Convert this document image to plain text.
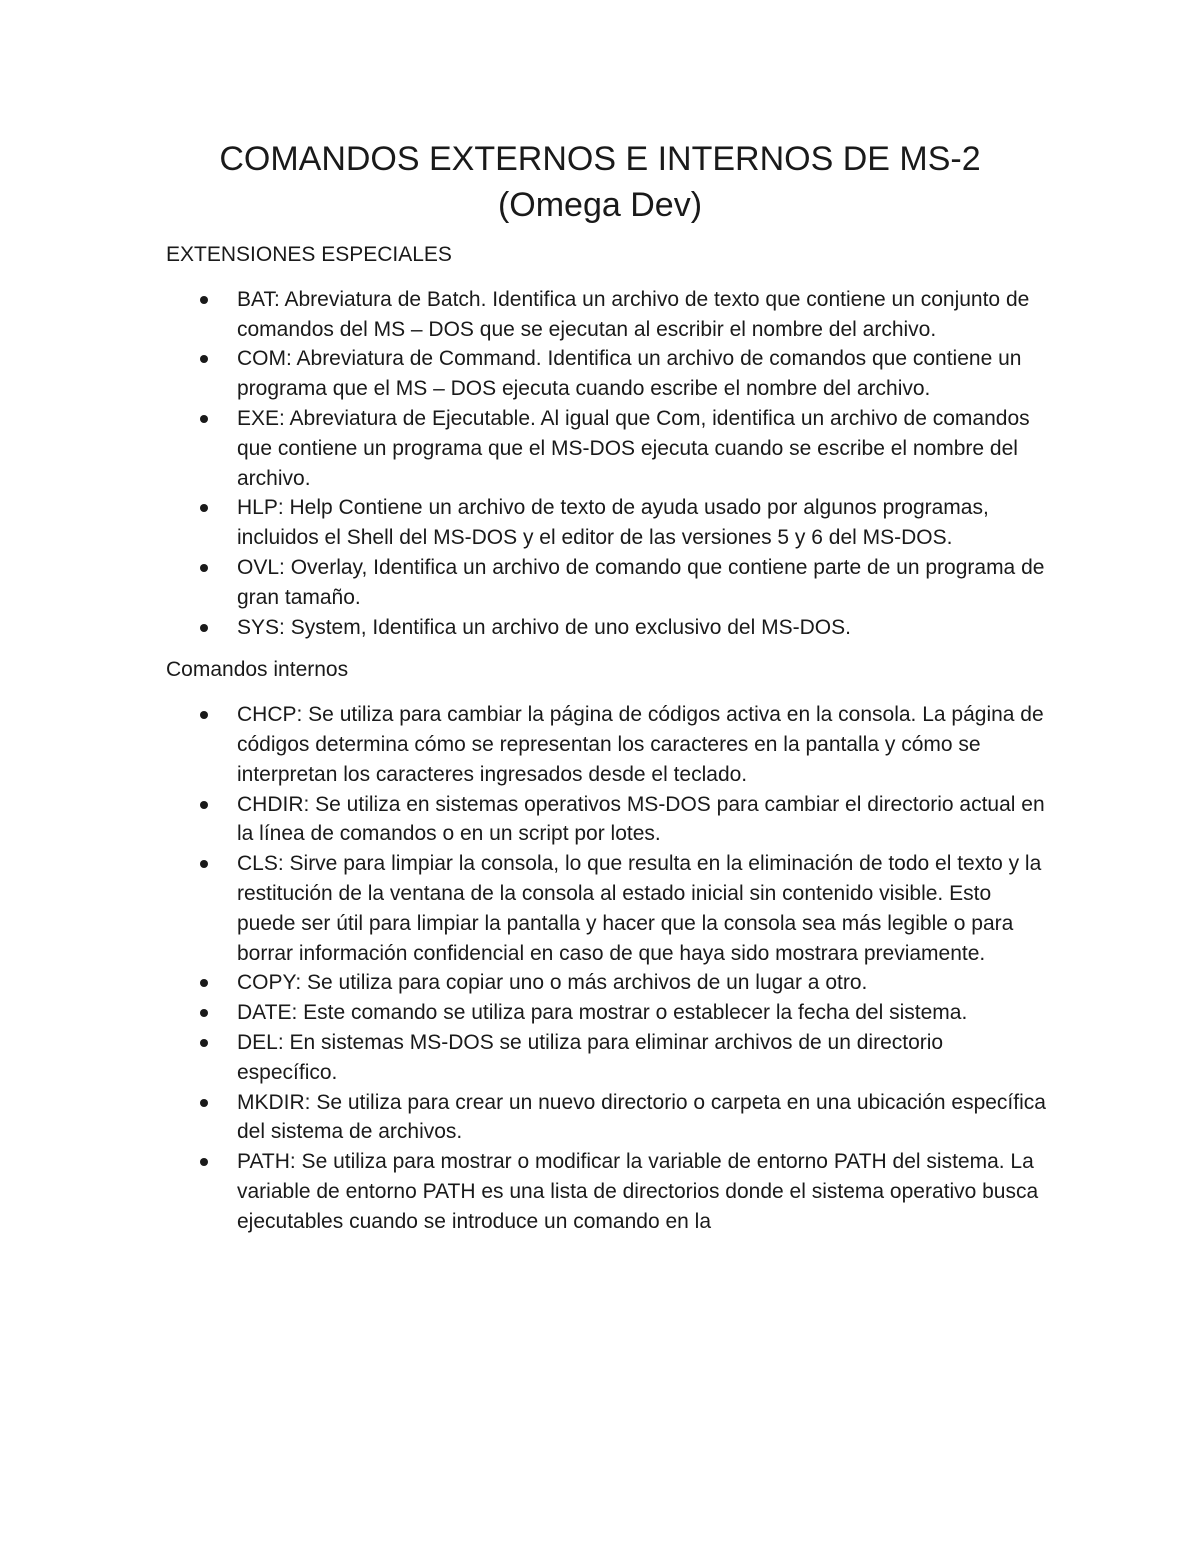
COMANDOS EXTERNOS E INTERNOS DE MS-2
(Omega Dev)

EXTENSIONES ESPECIALES

BAT: Abreviatura de Batch. Identifica un archivo de texto que contiene un conjunto de comandos del MS – DOS que se ejecutan al escribir el nombre del archivo.
COM: Abreviatura de Command. Identifica un archivo de comandos que contiene un programa que el MS – DOS ejecuta cuando escribe el nombre del archivo.
EXE: Abreviatura de Ejecutable. Al igual que Com, identifica un archivo de comandos que contiene un programa que el MS-DOS ejecuta cuando se escribe el nombre del archivo.
HLP: Help Contiene un archivo de texto de ayuda usado por algunos programas, incluidos el Shell del MS-DOS y el editor de las versiones 5 y 6 del MS-DOS.
OVL: Overlay, Identifica un archivo de comando que contiene parte de un programa de gran tamaño.
SYS: System, Identifica un archivo de uno exclusivo del MS-DOS.

Comandos internos

CHCP: Se utiliza para cambiar la página de códigos activa en la consola. La página de códigos determina cómo se representan los caracteres en la pantalla y cómo se interpretan los caracteres ingresados desde el teclado.
CHDIR: Se utiliza en sistemas operativos MS-DOS para cambiar el directorio actual en la línea de comandos o en un script por lotes.
CLS: Sirve para limpiar la consola, lo que resulta en la eliminación de todo el texto y la restitución de la ventana de la consola al estado inicial sin contenido visible. Esto puede ser útil para limpiar la pantalla y hacer que la consola sea más legible o para borrar información confidencial en caso de que haya sido mostrara previamente.
COPY: Se utiliza para copiar uno o más archivos de un lugar a otro.
DATE: Este comando se utiliza para mostrar o establecer la fecha del sistema.
DEL: En sistemas MS-DOS se utiliza para eliminar archivos de un directorio específico.
MKDIR: Se utiliza para crear un nuevo directorio o carpeta en una ubicación específica del sistema de archivos.
PATH: Se utiliza para mostrar o modificar la variable de entorno PATH del sistema. La variable de entorno PATH es una lista de directorios donde el sistema operativo busca ejecutables cuando se introduce un comando en la
